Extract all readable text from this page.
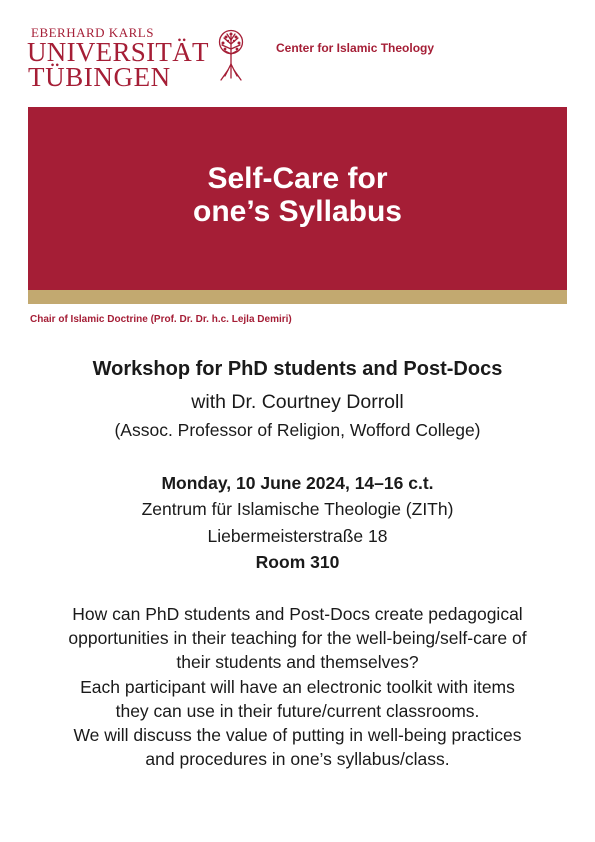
EBERHARD KARLS
UNIVERSITÄT
TÜBINGEN
Center for Islamic Theology
Self-Care for
one’s Syllabus
Chair of Islamic Doctrine (Prof. Dr. Dr. h.c. Lejla Demiri)
Workshop for PhD students and Post-Docs
with Dr. Courtney Dorroll
(Assoc. Professor of Religion, Wofford College)
Monday, 10 June 2024, 14–16 c.t.
Zentrum für Islamische Theologie (ZITh)
Liebermeisterstraße 18
Room 310
How can PhD students and Post-Docs create pedagogical
opportunities in their teaching for the well-being/self-care of
their students and themselves?
Each participant will have an electronic toolkit with items
they can use in their future/current classrooms.
We will discuss the value of putting in well-being practices
and procedures in one’s syllabus/class.
